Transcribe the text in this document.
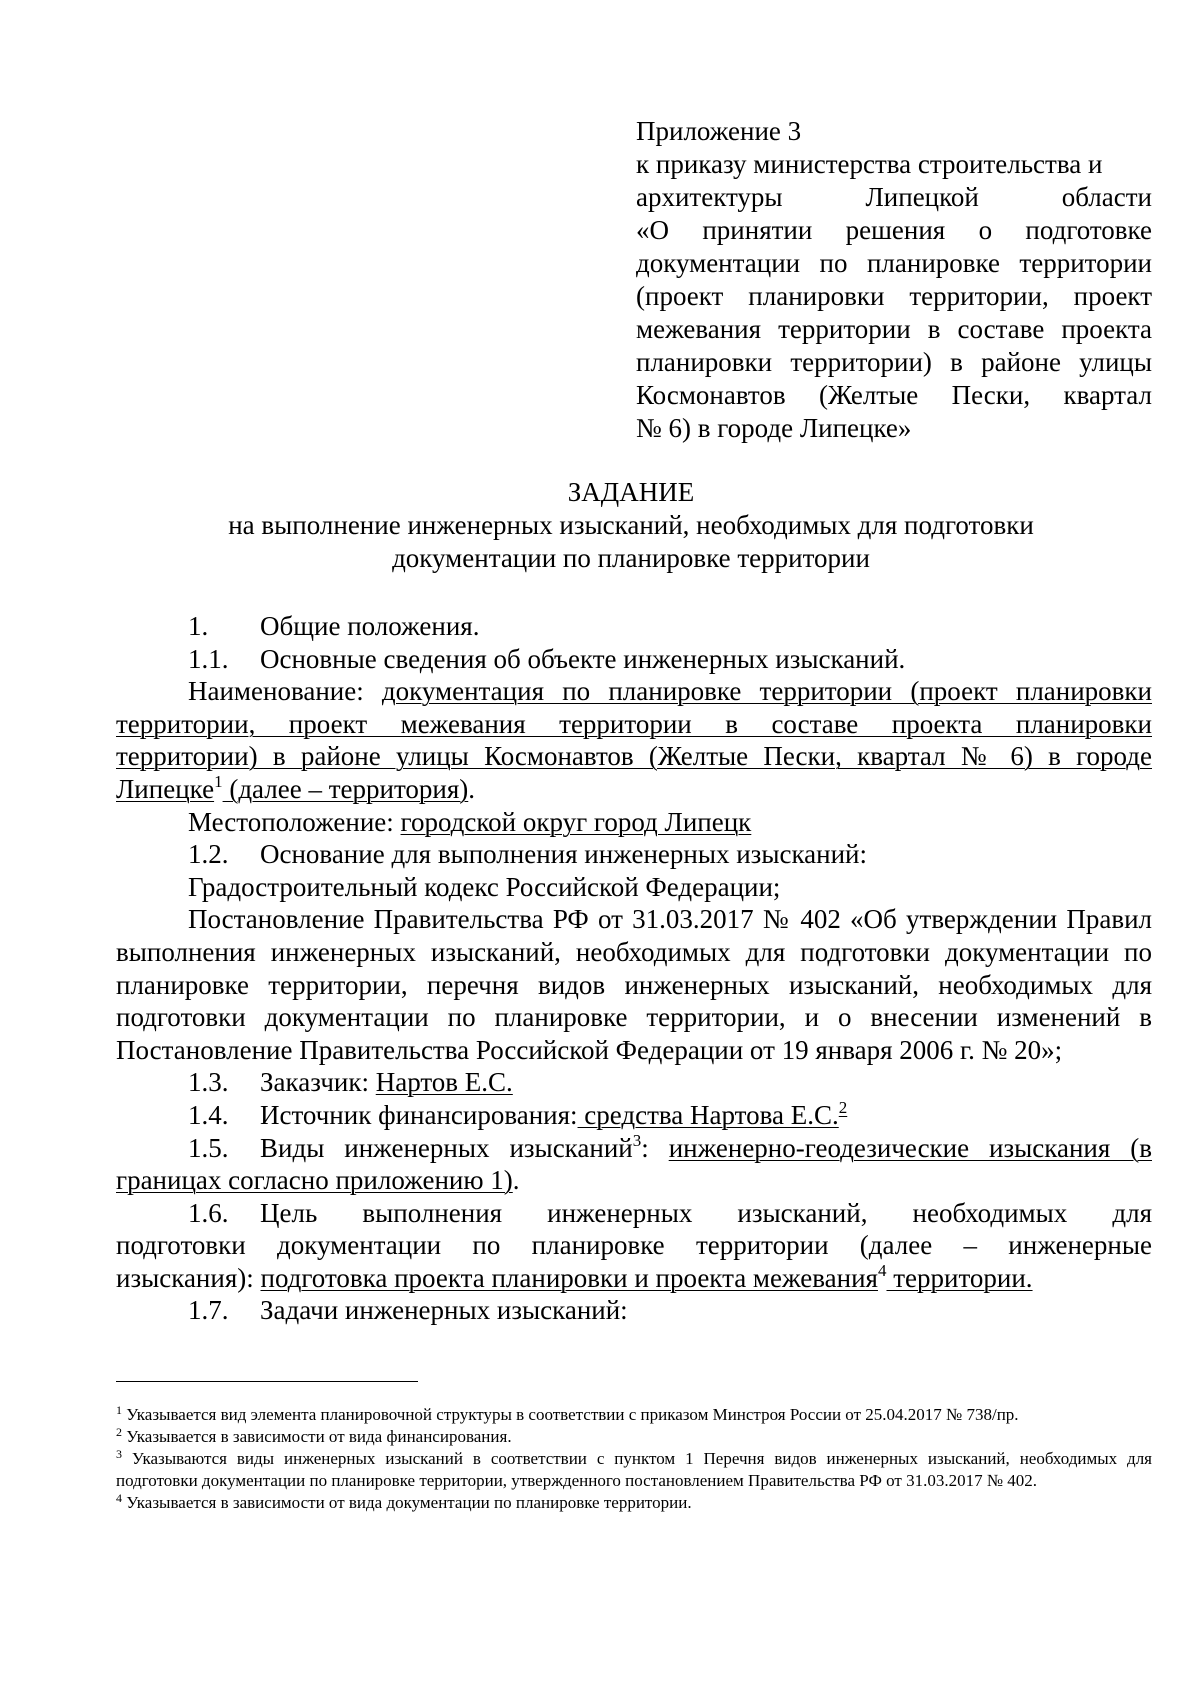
Приложение 3
к приказу министерства строительства и
архитектуры Липецкой области
«О принятии решения о подготовке
документации по планировке территории
(проект планировки территории, проект
межевания территории в составе проекта
планировки территории) в районе улицы
Космонавтов (Желтые Пески, квартал
№ 6) в городе Липецке»
ЗАДАНИЕ
на выполнение инженерных изысканий, необходимых для подготовки
документации по планировке территории
1. Общие положения.
1.1. Основные сведения об объекте инженерных изысканий.
Наименование: документация по планировке территории (проект планировки
территории, проект межевания территории в составе проекта планировки
территории) в районе улицы Космонавтов (Желтые Пески, квартал № 6) в городе
Липецке$^1$ (далее – территория).
Местоположение: городской округ город Липецк
1.2. Основание для выполнения инженерных изысканий:
Градостроительный кодекс Российской Федерации;
Постановление Правительства РФ от 31.03.2017 № 402 «Об утверждении Правил выполнения инженерных изысканий, необходимых для подготовки документации по планировке территории, перечня видов инженерных изысканий, необходимых для подготовки документации по планировке территории, и о внесении изменений в Постановление Правительства Российской Федерации от 19 января 2006 г. № 20»;
1.3. Заказчик: Нартов Е.С.
1.4. Источник финансирования: средства Нартова Е.С.$^2$
1.5. Виды инженерных изысканий$^3$: инженерно-геодезические изыскания (в
границах согласно приложению 1).
1.6. Цель выполнения инженерных изысканий, необходимых для
подготовки документации по планировке территории (далее – инженерные
изыскания): подготовка проекта планировки и проекта межевания$^4$ территории.
1.7. Задачи инженерных изысканий:
$^1$ Указывается вид элемента планировочной структуры в соответствии с приказом Минстроя России от 25.04.2017 № 738/пр.
$^2$ Указывается в зависимости от вида финансирования.
$^3$ Указываются виды инженерных изысканий в соответствии с пунктом 1 Перечня видов инженерных изысканий, необходимых для подготовки документации по планировке территории, утвержденного постановлением Правительства РФ от 31.03.2017 № 402.
$^4$ Указывается в зависимости от вида документации по планировке территории.
